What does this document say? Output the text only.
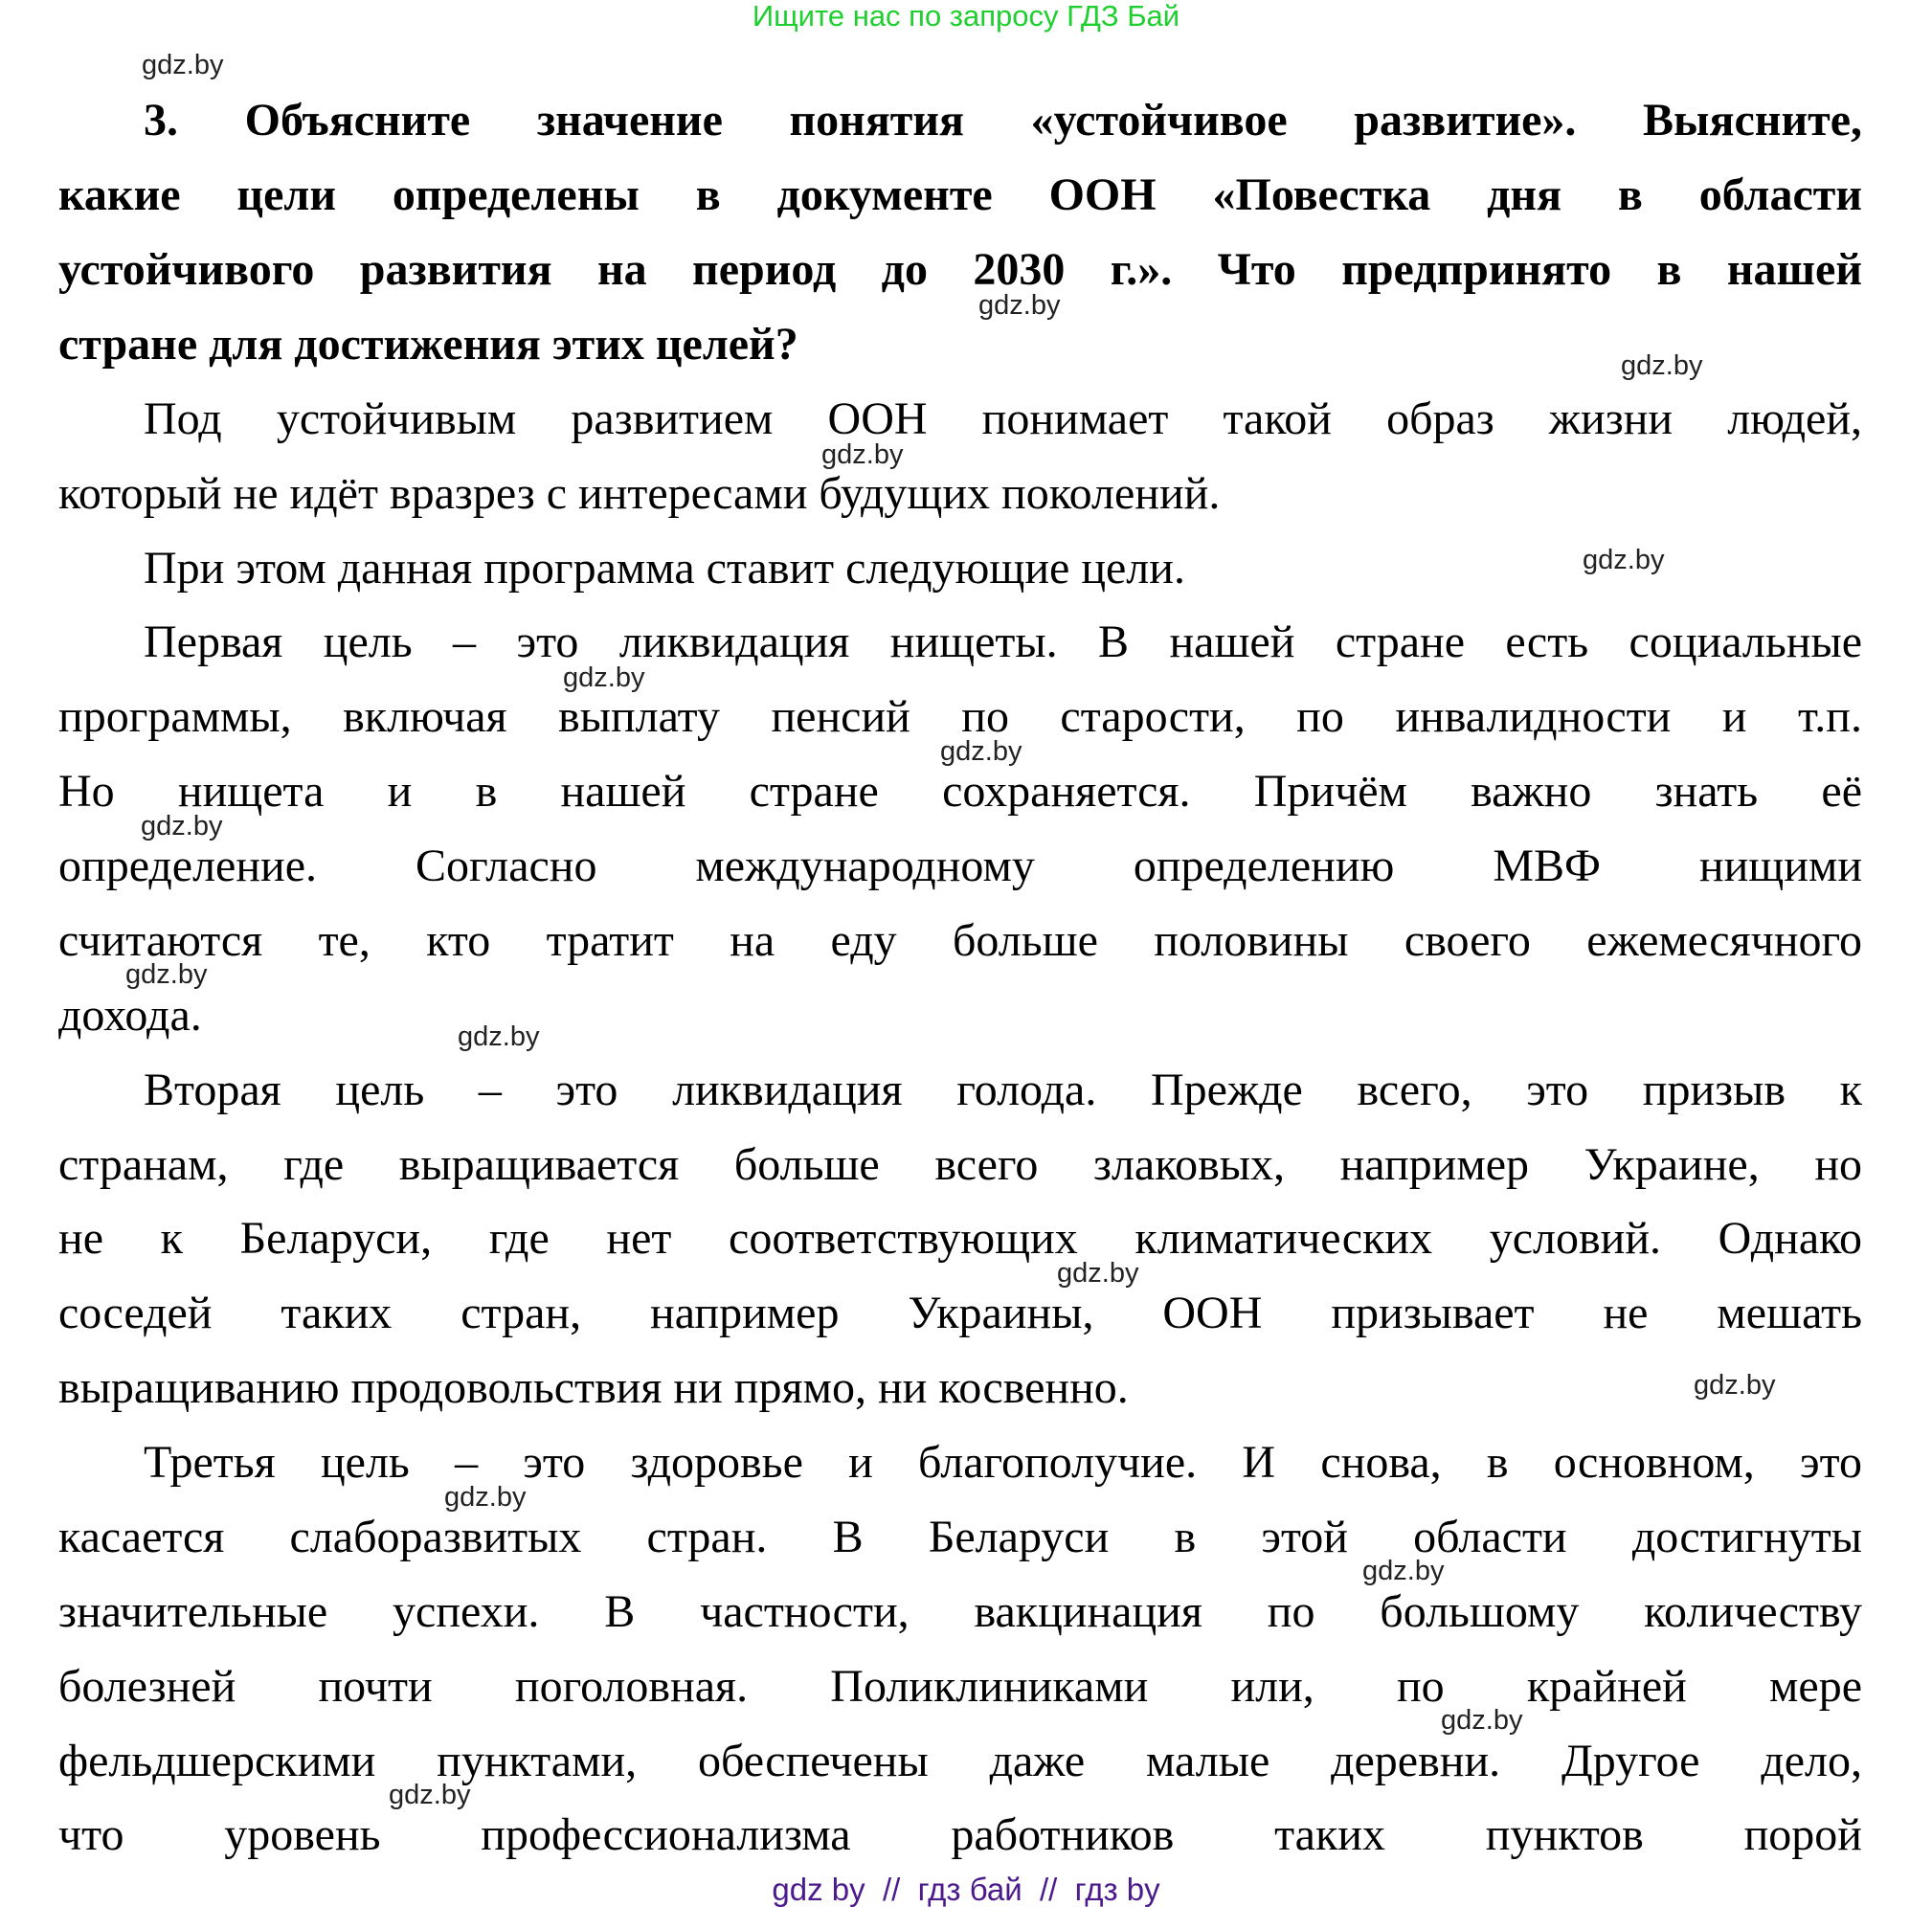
Ищите нас по запросу ГДЗ Бай
3. Объясните значение понятия «устойчивое развитие». Выясните,
какие цели определены в документе ООН «Повестка дня в области
устойчивого развития на период до 2030 г.». Что предпринято в нашей
стране для достижения этих целей?
Под устойчивым развитием ООН понимает такой образ жизни людей,
который не идёт вразрез с интересами будущих поколений.
При этом данная программа ставит следующие цели.
Первая цель – это ликвидация нищеты. В нашей стране есть социальные
программы, включая выплату пенсий по старости, по инвалидности и т.п.
Но нищета и в нашей стране сохраняется. Причём важно знать её
определение. Согласно международному определению МВФ нищими
считаются те, кто тратит на еду больше половины своего ежемесячного
дохода.
Вторая цель – это ликвидация голода. Прежде всего, это призыв к
странам, где выращивается больше всего злаковых, например Украине, но
не к Беларуси, где нет соответствующих климатических условий. Однако
соседей таких стран, например Украины, ООН призывает не мешать
выращиванию продовольствия ни прямо, ни косвенно.
Третья цель – это здоровье и благополучие. И снова, в основном, это
касается слаборазвитых стран. В Беларуси в этой области достигнуты
значительные успехи. В частности, вакцинация по большому количеству
болезней почти поголовная. Поликлиниками или, по крайней мере
фельдшерскими пунктами, обеспечены даже малые деревни. Другое дело,
что уровень профессионализма работников таких пунктов порой
gdz.by
gdz.by
gdz.by
gdz.by
gdz.by
gdz.by
gdz.by
gdz.by
gdz.by
gdz.by
gdz.by
gdz.by
gdz.by
gdz.by
gdz.by
gdz.by
gdz by  //  гдз бай  //  гдз by
